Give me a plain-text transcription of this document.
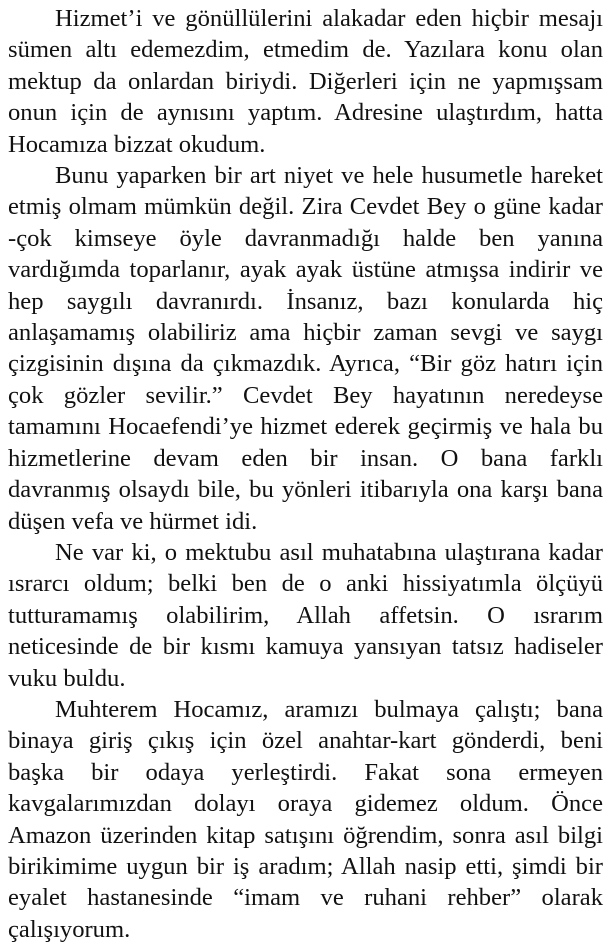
Hizmet’i ve gönüllülerini alakadar eden hiçbir mesajı
sümen altı edemezdim, etmedim de. Yazılara konu olan
mektup da onlardan biriydi. Diğerleri için ne yapmışsam
onun için de aynısını yaptım. Adresine ulaştırdım, hatta
Hocamıza bizzat okudum.

Bunu yaparken bir art niyet ve hele husumetle hareket
etmiş olmam mümkün değil. Zira Cevdet Bey o güne kadar
-çok kimseye öyle davranmadığı halde ben yanına
vardığımda toparlanır, ayak ayak üstüne atmışsa indirir ve
hep saygılı davranırdı. İnsanız, bazı konularda hiç
anlaşamamış olabiliriz ama hiçbir zaman sevgi ve saygı
çizgisinin dışına da çıkmazdık. Ayrıca, “Bir göz hatırı için
çok gözler sevilir.” Cevdet Bey hayatının neredeyse
tamamını Hocaefendi’ye hizmet ederek geçirmiş ve hala bu
hizmetlerine devam eden bir insan. O bana farklı
davranmış olsaydı bile, bu yönleri itibarıyla ona karşı bana
düşen vefa ve hürmet idi.

Ne var ki, o mektubu asıl muhatabına ulaştırana kadar
ısrarcı oldum; belki ben de o anki hissiyatımla ölçüyü
tutturamamış olabilirim, Allah affetsin. O ısrarım
neticesinde de bir kısmı kamuya yansıyan tatsız hadiseler
vuku buldu.

Muhterem Hocamız, aramızı bulmaya çalıştı; bana
binaya giriş çıkış için özel anahtar-kart gönderdi, beni
başka bir odaya yerleştirdi. Fakat sona ermeyen
kavgalarımızdan dolayı oraya gidemez oldum. Önce
Amazon üzerinden kitap satışını öğrendim, sonra asıl bilgi
birikimime uygun bir iş aradım; Allah nasip etti, şimdi bir
eyalet hastanesinde “imam ve ruhani rehber” olarak
çalışıyorum.
